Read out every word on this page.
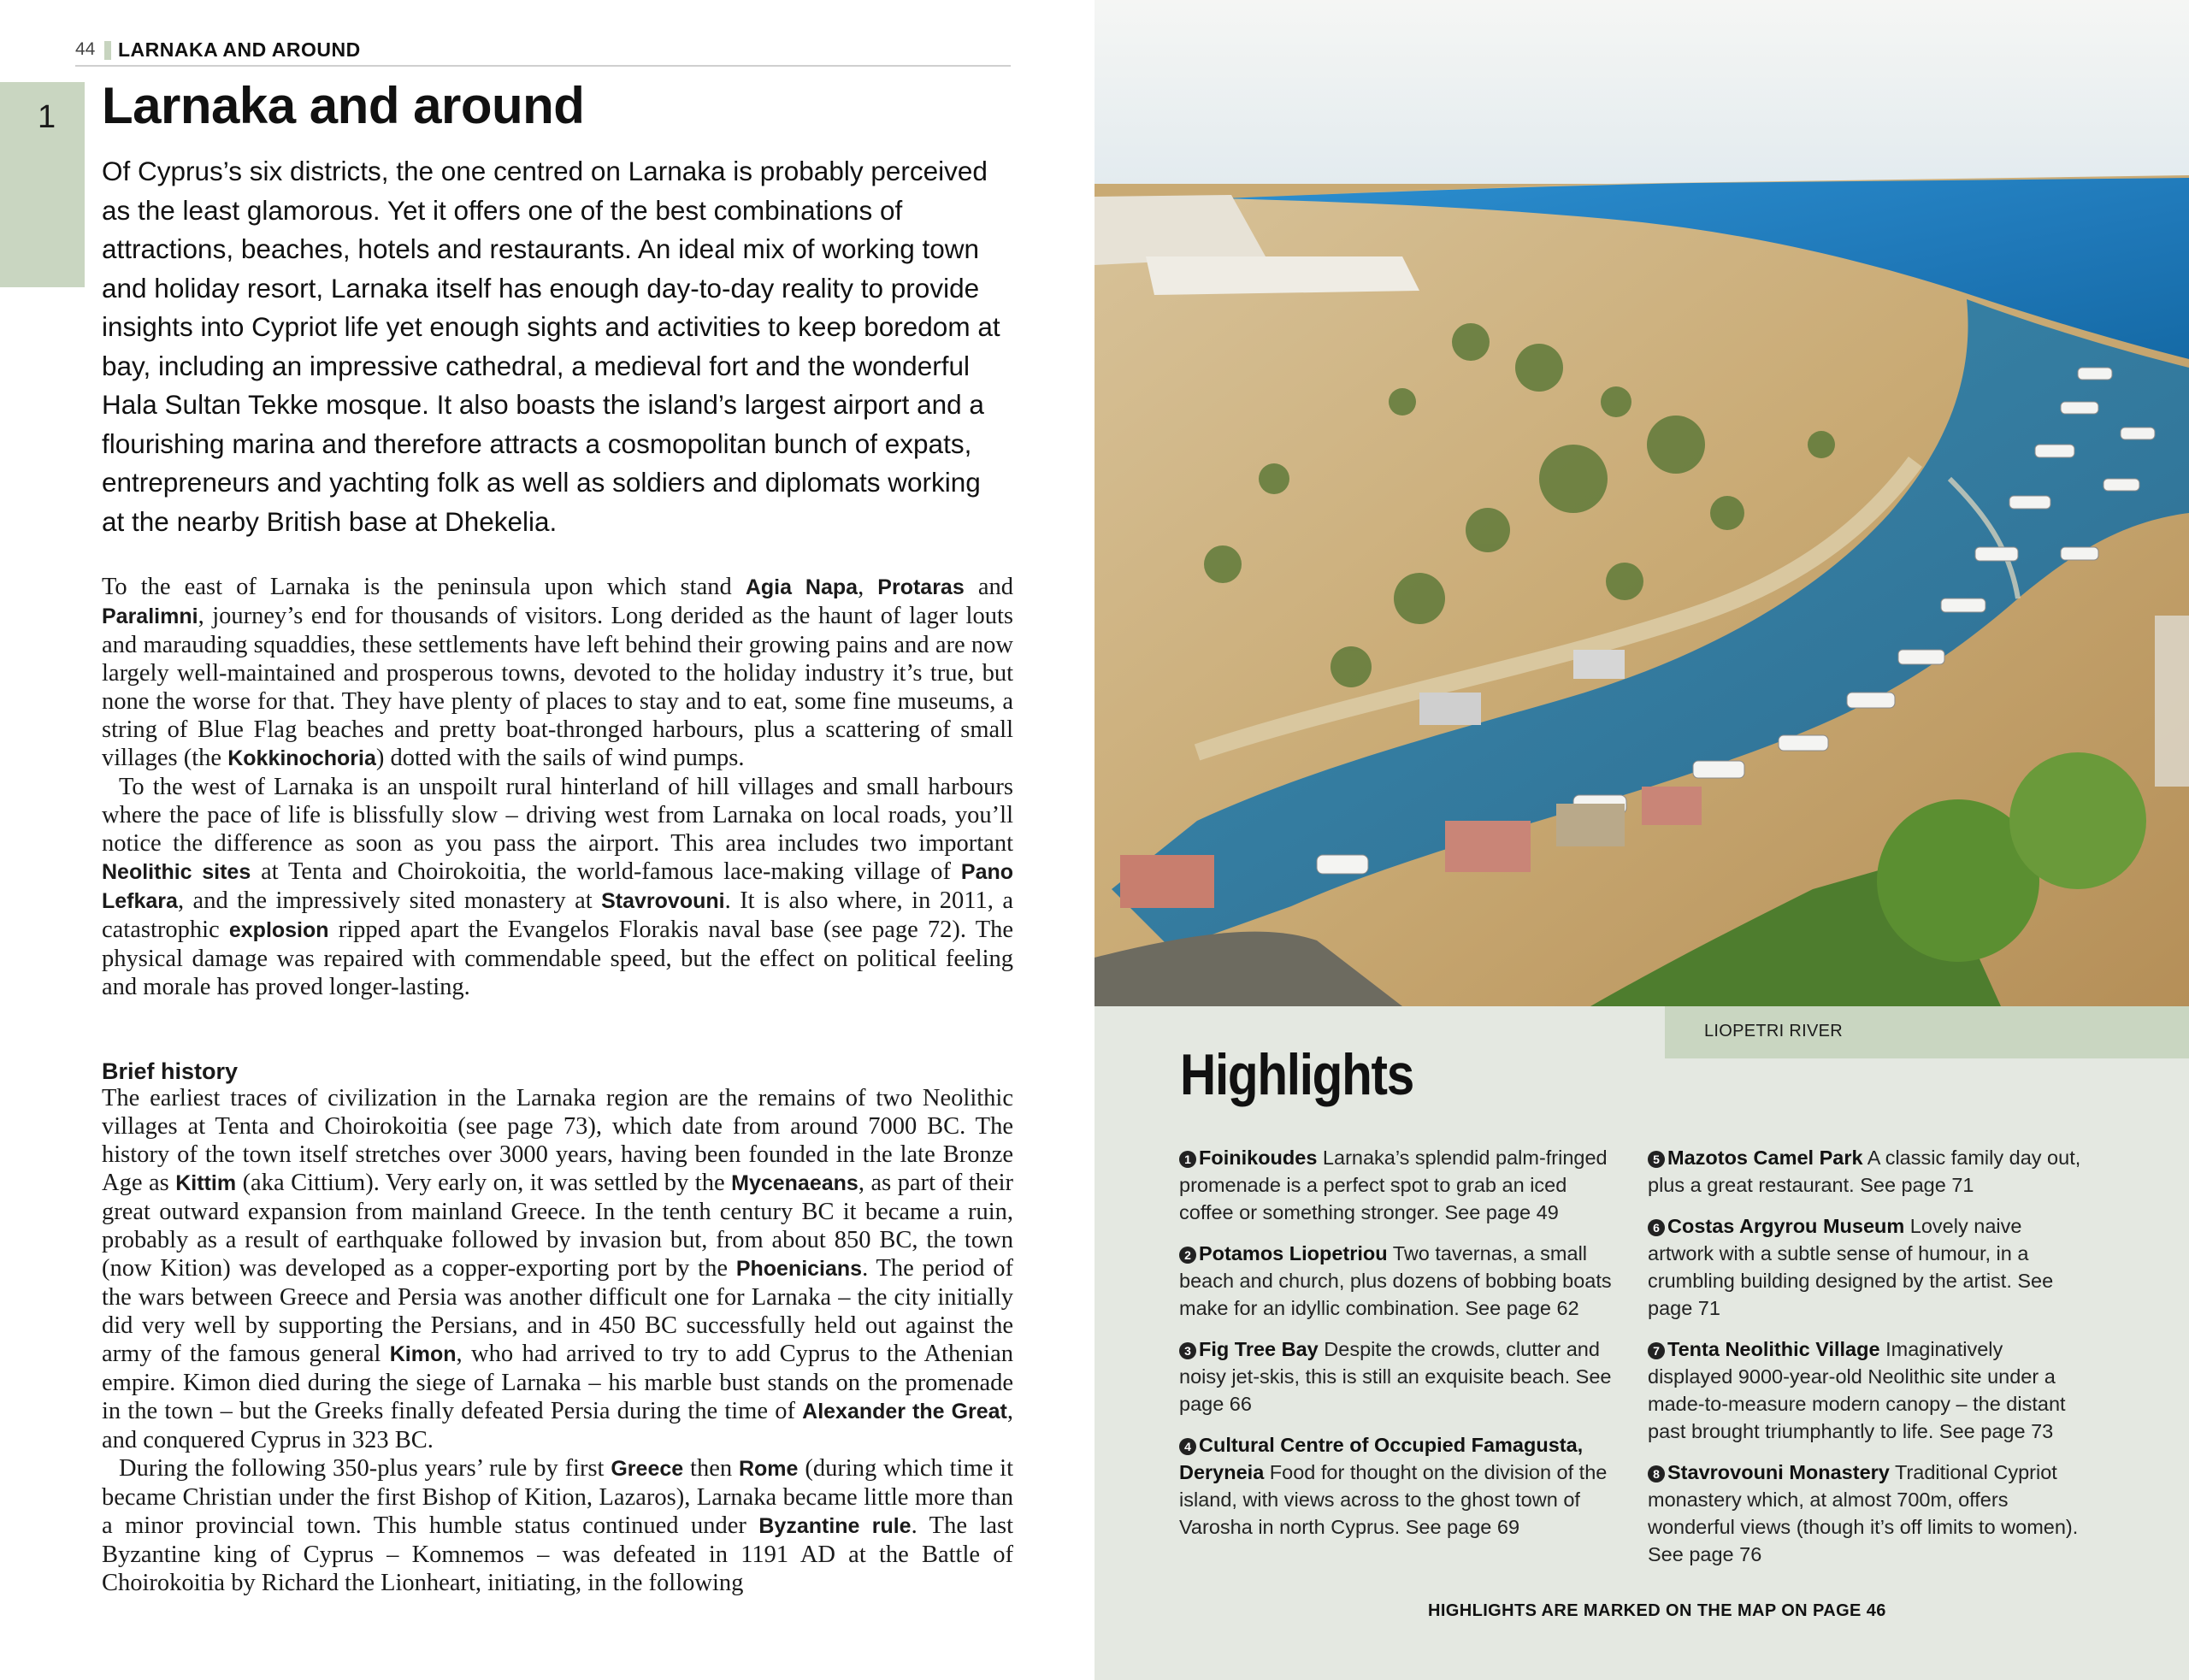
44 LARNAKA AND AROUND
1 Larnaka and around
Of Cyprus’s six districts, the one centred on Larnaka is probably perceived as the least glamorous. Yet it offers one of the best combinations of attractions, beaches, hotels and restaurants. An ideal mix of working town and holiday resort, Larnaka itself has enough day-to-day reality to provide insights into Cypriot life yet enough sights and activities to keep boredom at bay, including an impressive cathedral, a medieval fort and the wonderful Hala Sultan Tekke mosque. It also boasts the island’s largest airport and a flourishing marina and therefore attracts a cosmopolitan bunch of expats, entrepreneurs and yachting folk as well as soldiers and diplomats working at the nearby British base at Dhekelia.

To the east of Larnaka is the peninsula upon which stand Agia Napa, Protaras and Paralimni, journey’s end for thousands of visitors. Long derided as the haunt of lager louts and marauding squaddies, these settlements have left behind their growing pains and are now largely well-maintained and prosperous towns, devoted to the holiday industry it’s true, but none the worse for that. They have plenty of places to stay and to eat, some fine museums, a string of Blue Flag beaches and pretty boat-thronged harbours, plus a scattering of small villages (the Kokkinochoria) dotted with the sails of wind pumps.

To the west of Larnaka is an unspoilt rural hinterland of hill villages and small harbours where the pace of life is blissfully slow – driving west from Larnaka on local roads, you’ll notice the difference as soon as you pass the airport. This area includes two important Neolithic sites at Tenta and Choirokoitia, the world-famous lace-making village of Pano Lefkara, and the impressively sited monastery at Stavrovouni. It is also where, in 2011, a catastrophic explosion ripped apart the Evangelos Florakis naval base (see page 72). The physical damage was repaired with commendable speed, but the effect on political feeling and morale has proved longer-lasting.

Brief history

The earliest traces of civilization in the Larnaka region are the remains of two Neolithic villages at Tenta and Choirokoitia (see page 73), which date from around 7000 BC. The history of the town itself stretches over 3000 years, having been founded in the late Bronze Age as Kittim (aka Cittium). Very early on, it was settled by the Mycenaeans, as part of their great outward expansion from mainland Greece. In the tenth century BC it became a ruin, probably as a result of earthquake followed by invasion but, from about 850 BC, the town (now Kition) was developed as a copper-exporting port by the Phoenicians. The period of the wars between Greece and Persia was another difficult one for Larnaka – the city initially did very well by supporting the Persians, and in 450 BC successfully held out against the army of the famous general Kimon, who had arrived to try to add Cyprus to the Athenian empire. Kimon died during the siege of Larnaka – his marble bust stands on the promenade in the town – but the Greeks finally defeated Persia during the time of Alexander the Great, and conquered Cyprus in 323 BC.

During the following 350-plus years’ rule by first Greece then Rome (during which time it became Christian under the first Bishop of Kition, Lazaros), Larnaka became little more than a minor provincial town. This humble status continued under Byzantine rule. The last Byzantine king of Cyprus – Komnemos – was defeated in 1191 AD at the Battle of Choirokoitia by Richard the Lionheart, initiating, in the following

LIOPETRI RIVER
Highlights

1 Foinikoudes Larnaka’s splendid palm-fringed promenade is a perfect spot to grab an iced coffee or something stronger. See page 49

2 Potamos Liopetriou Two tavernas, a small beach and church, plus dozens of bobbing boats make for an idyllic combination. See page 62

3 Fig Tree Bay Despite the crowds, clutter and noisy jet-skis, this is still an exquisite beach. See page 66

4 Cultural Centre of Occupied Famagusta, Deryneia Food for thought on the division of the island, with views across to the ghost town of Varosha in north Cyprus. See page 69

5 Mazotos Camel Park A classic family day out, plus a great restaurant. See page 71

6 Costas Argyrou Museum Lovely naive artwork with a subtle sense of humour, in a crumbling building designed by the artist. See page 71

7 Tenta Neolithic Village Imaginatively displayed 9000-year-old Neolithic site under a made-to-measure modern canopy – the distant past brought triumphantly to life. See page 73

8 Stavrovouni Monastery Traditional Cypriot monastery which, at almost 700m, offers wonderful views (though it’s off limits to women). See page 76

HIGHLIGHTS ARE MARKED ON THE MAP ON PAGE 46
